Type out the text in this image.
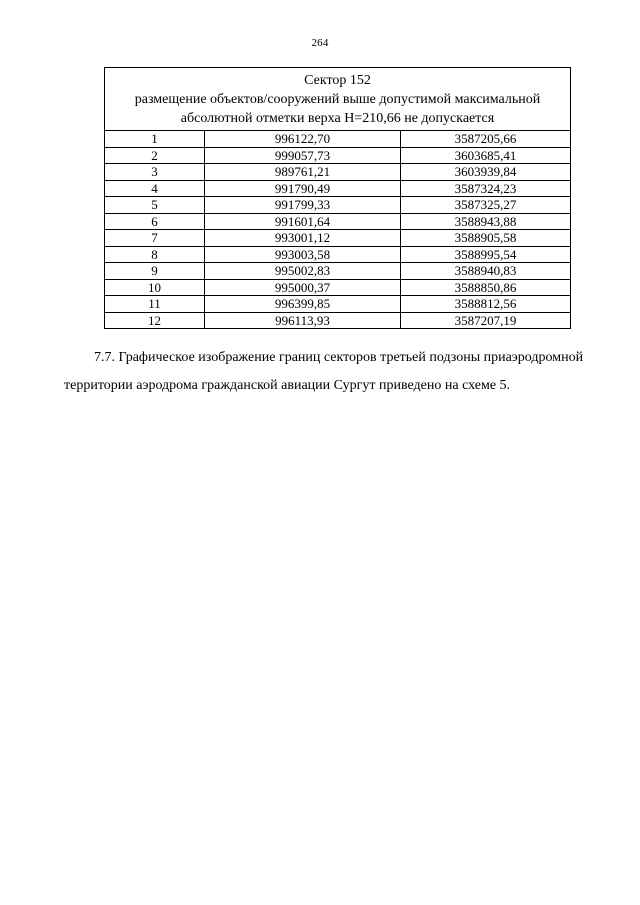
264
Сектор 152
размещение объектов/сооружений выше допустимой максимальной
абсолютной отметки верха Н=210,66 не допускается		

1	996122,70	3587205,66
2	999057,73	3603685,41
3	989761,21	3603939,84
4	991790,49	3587324,23
5	991799,33	3587325,27
6	991601,64	3588943,88
7	993001,12	3588905,58
8	993003,58	3588995,54
9	995002,83	3588940,83
10	995000,37	3588850,86
11	996399,85	3588812,56
12	996113,93	3587207,19
7.7. Графическое изображение границ секторов третьей подзоны приаэродромной
территории аэродрома гражданской авиации Сургут приведено на схеме 5.
